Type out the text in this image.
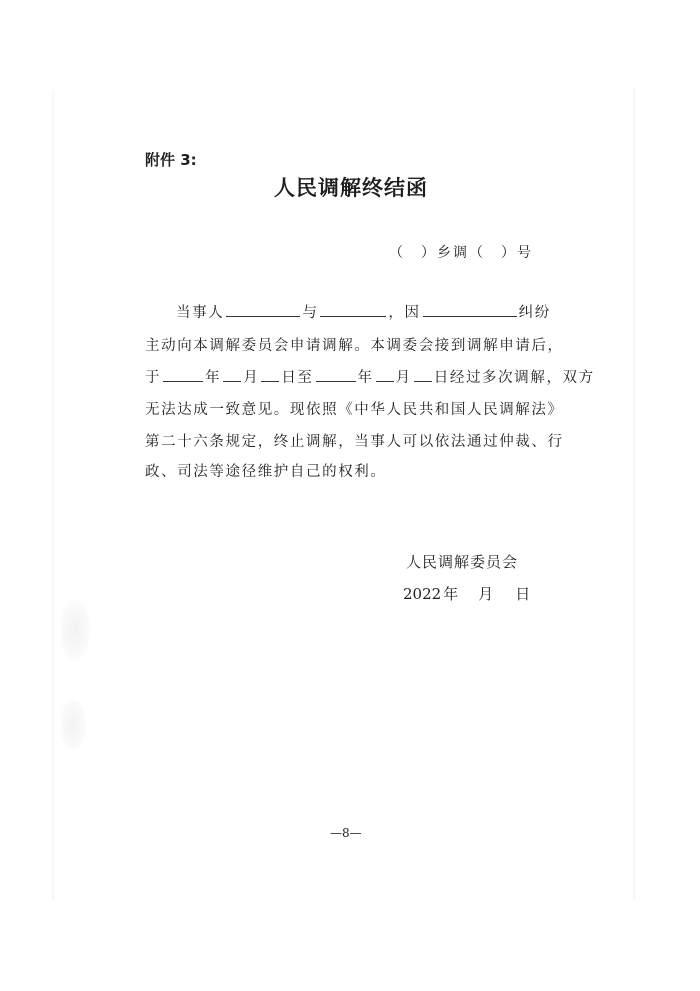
附件 3:
人民调解终结函
（　）乡调（　）号
当事人	与	，因	纠纷
主动向本调解委员会申请调解。本调委会接到调解申请后，
于	年 月 日至	年 月 日经过多次调解，双方
无法达成一致意见。现依照《中华人民共和国人民调解法》
第二十六条规定，终止调解，当事人可以依法通过仲裁、行
政、司法等途径维护自己的权利。
人民调解委员会
2022 年 月 日
—8—
